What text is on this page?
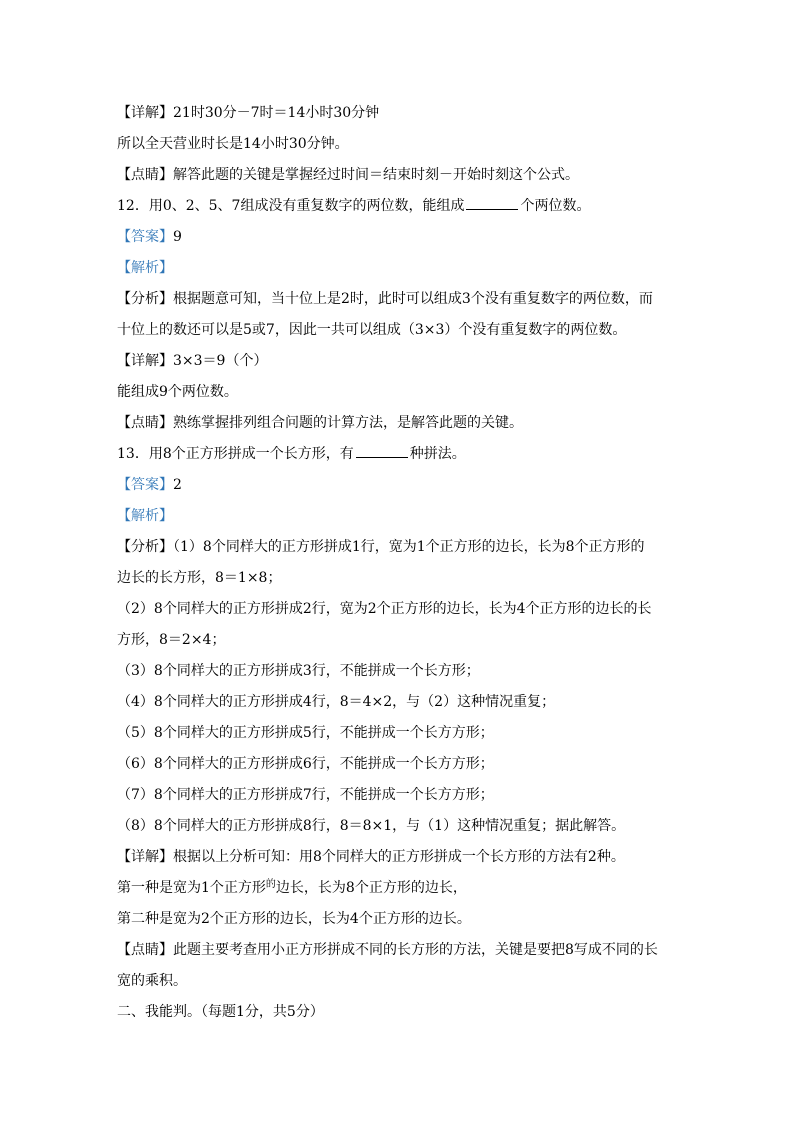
【详解】21时30分－7时＝14小时30分钟
所以全天营业时长是14小时30分钟。
【点睛】解答此题的关键是掌握经过时间＝结束时刻－开始时刻这个公式。
12．用0、2、5、7组成没有重复数字的两位数，能组成	个两位数。
【答案】9
【解析】
【分析】根据题意可知，当十位上是2时，此时可以组成3个没有重复数字的两位数，而
十位上的数还可以是5或7，因此一共可以组成（3×3）个没有重复数字的两位数。
【详解】3×3＝9（个）
能组成9个两位数。
【点睛】熟练掌握排列组合问题的计算方法，是解答此题的关键。
13．用8个正方形拼成一个长方形，有	种拼法。
【答案】2
【解析】
【分析】（1）8个同样大的正方形拼成1行，宽为1个正方形的边长，长为8个正方形的
边长的长方形，8＝1×8；
（2）8个同样大的正方形拼成2行，宽为2个正方形的边长，长为4个正方形的边长的长
方形，8＝2×4；
（3）8个同样大的正方形拼成3行，不能拼成一个长方形；
（4）8个同样大的正方形拼成4行，8＝4×2，与（2）这种情况重复；
（5）8个同样大的正方形拼成5行，不能拼成一个长方方形；
（6）8个同样大的正方形拼成6行，不能拼成一个长方方形；
（7）8个同样大的正方形拼成7行，不能拼成一个长方方形；
（8）8个同样大的正方形拼成8行，8＝8×1，与（1）这种情况重复；据此解答。
【详解】根据以上分析可知：用8个同样大的正方形拼成一个长方形的方法有2种。
第一种是宽为1个正方形$^的$边长，长为8个正方形的边长，
第二种是宽为2个正方形的边长，长为4个正方形的边长。
【点睛】此题主要考查用小正方形拼成不同的长方形的方法，关键是要把8写成不同的长
宽的乘积。
二、我能判。（每题1分，共5分）
